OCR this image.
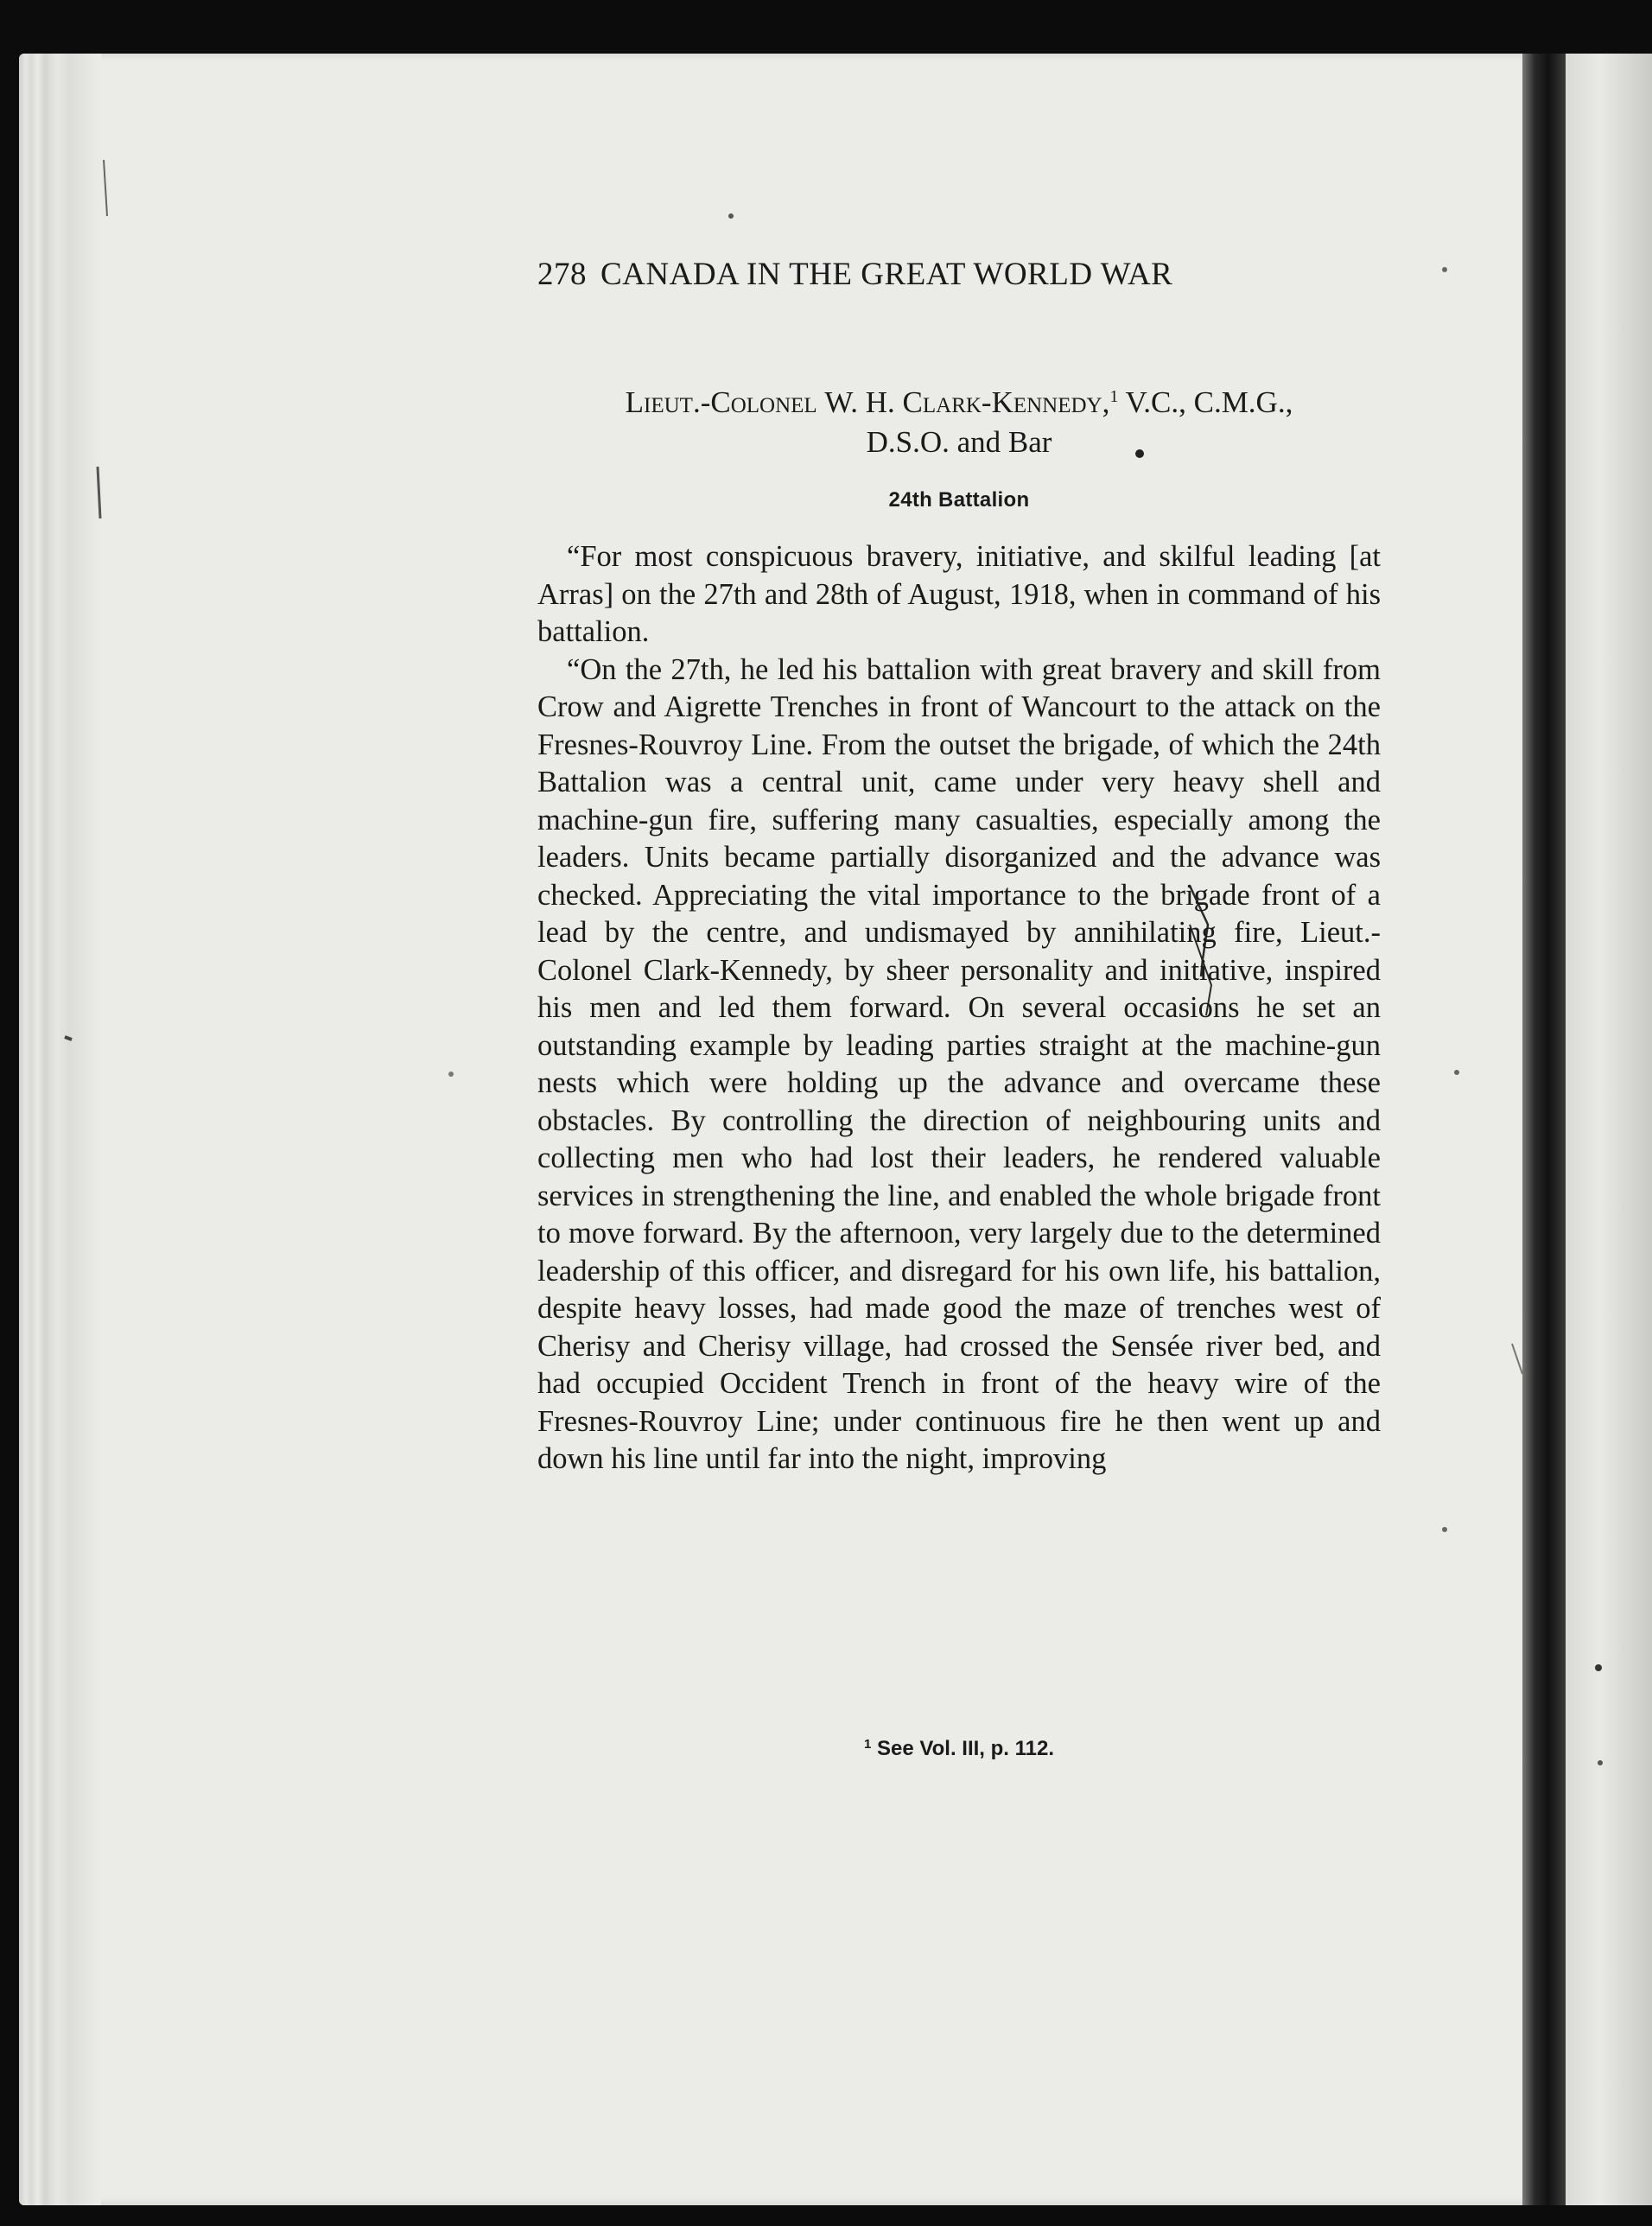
278 CANADA IN THE GREAT WORLD WAR
Lieut.-Colonel W. H. Clark-Kennedy,$^1$ V.C., C.M.G.,
D.S.O. and Bar
24th Battalion

“For most conspicuous bravery, initiative, and skilful leading [at Arras] on the 27th and 28th of August, 1918, when in command of his battalion.

“On the 27th, he led his battalion with great bravery and skill from Crow and Aigrette Trenches in front of Wancourt to the attack on the Fresnes-Rouvroy Line. From the outset the brigade, of which the 24th Battalion was a central unit, came under very heavy shell and machine-gun fire, suffering many casualties, especially among the leaders. Units became partially disorganized and the advance was checked. Appreciating the vital importance to the brigade front of a lead by the centre, and undismayed by annihilating fire, Lieut.-Colonel Clark-Kennedy, by sheer personality and initiative, inspired his men and led them forward. On several occasions he set an outstanding example by leading parties straight at the machine-gun nests which were holding up the advance and overcame these obstacles. By controlling the direction of neighbouring units and collecting men who had lost their leaders, he rendered valuable services in strengthening the line, and enabled the whole brigade front to move forward. By the afternoon, very largely due to the determined leadership of this officer, and disregard for his own life, his battalion, despite heavy losses, had made good the maze of trenches west of Cherisy and Cherisy village, had crossed the Sensée river bed, and had occupied Occident Trench in front of the heavy wire of the Fresnes-Rouvroy Line; under continuous fire he then went up and down his line until far into the night, improving

$^1$ See Vol. III, p. 112.
